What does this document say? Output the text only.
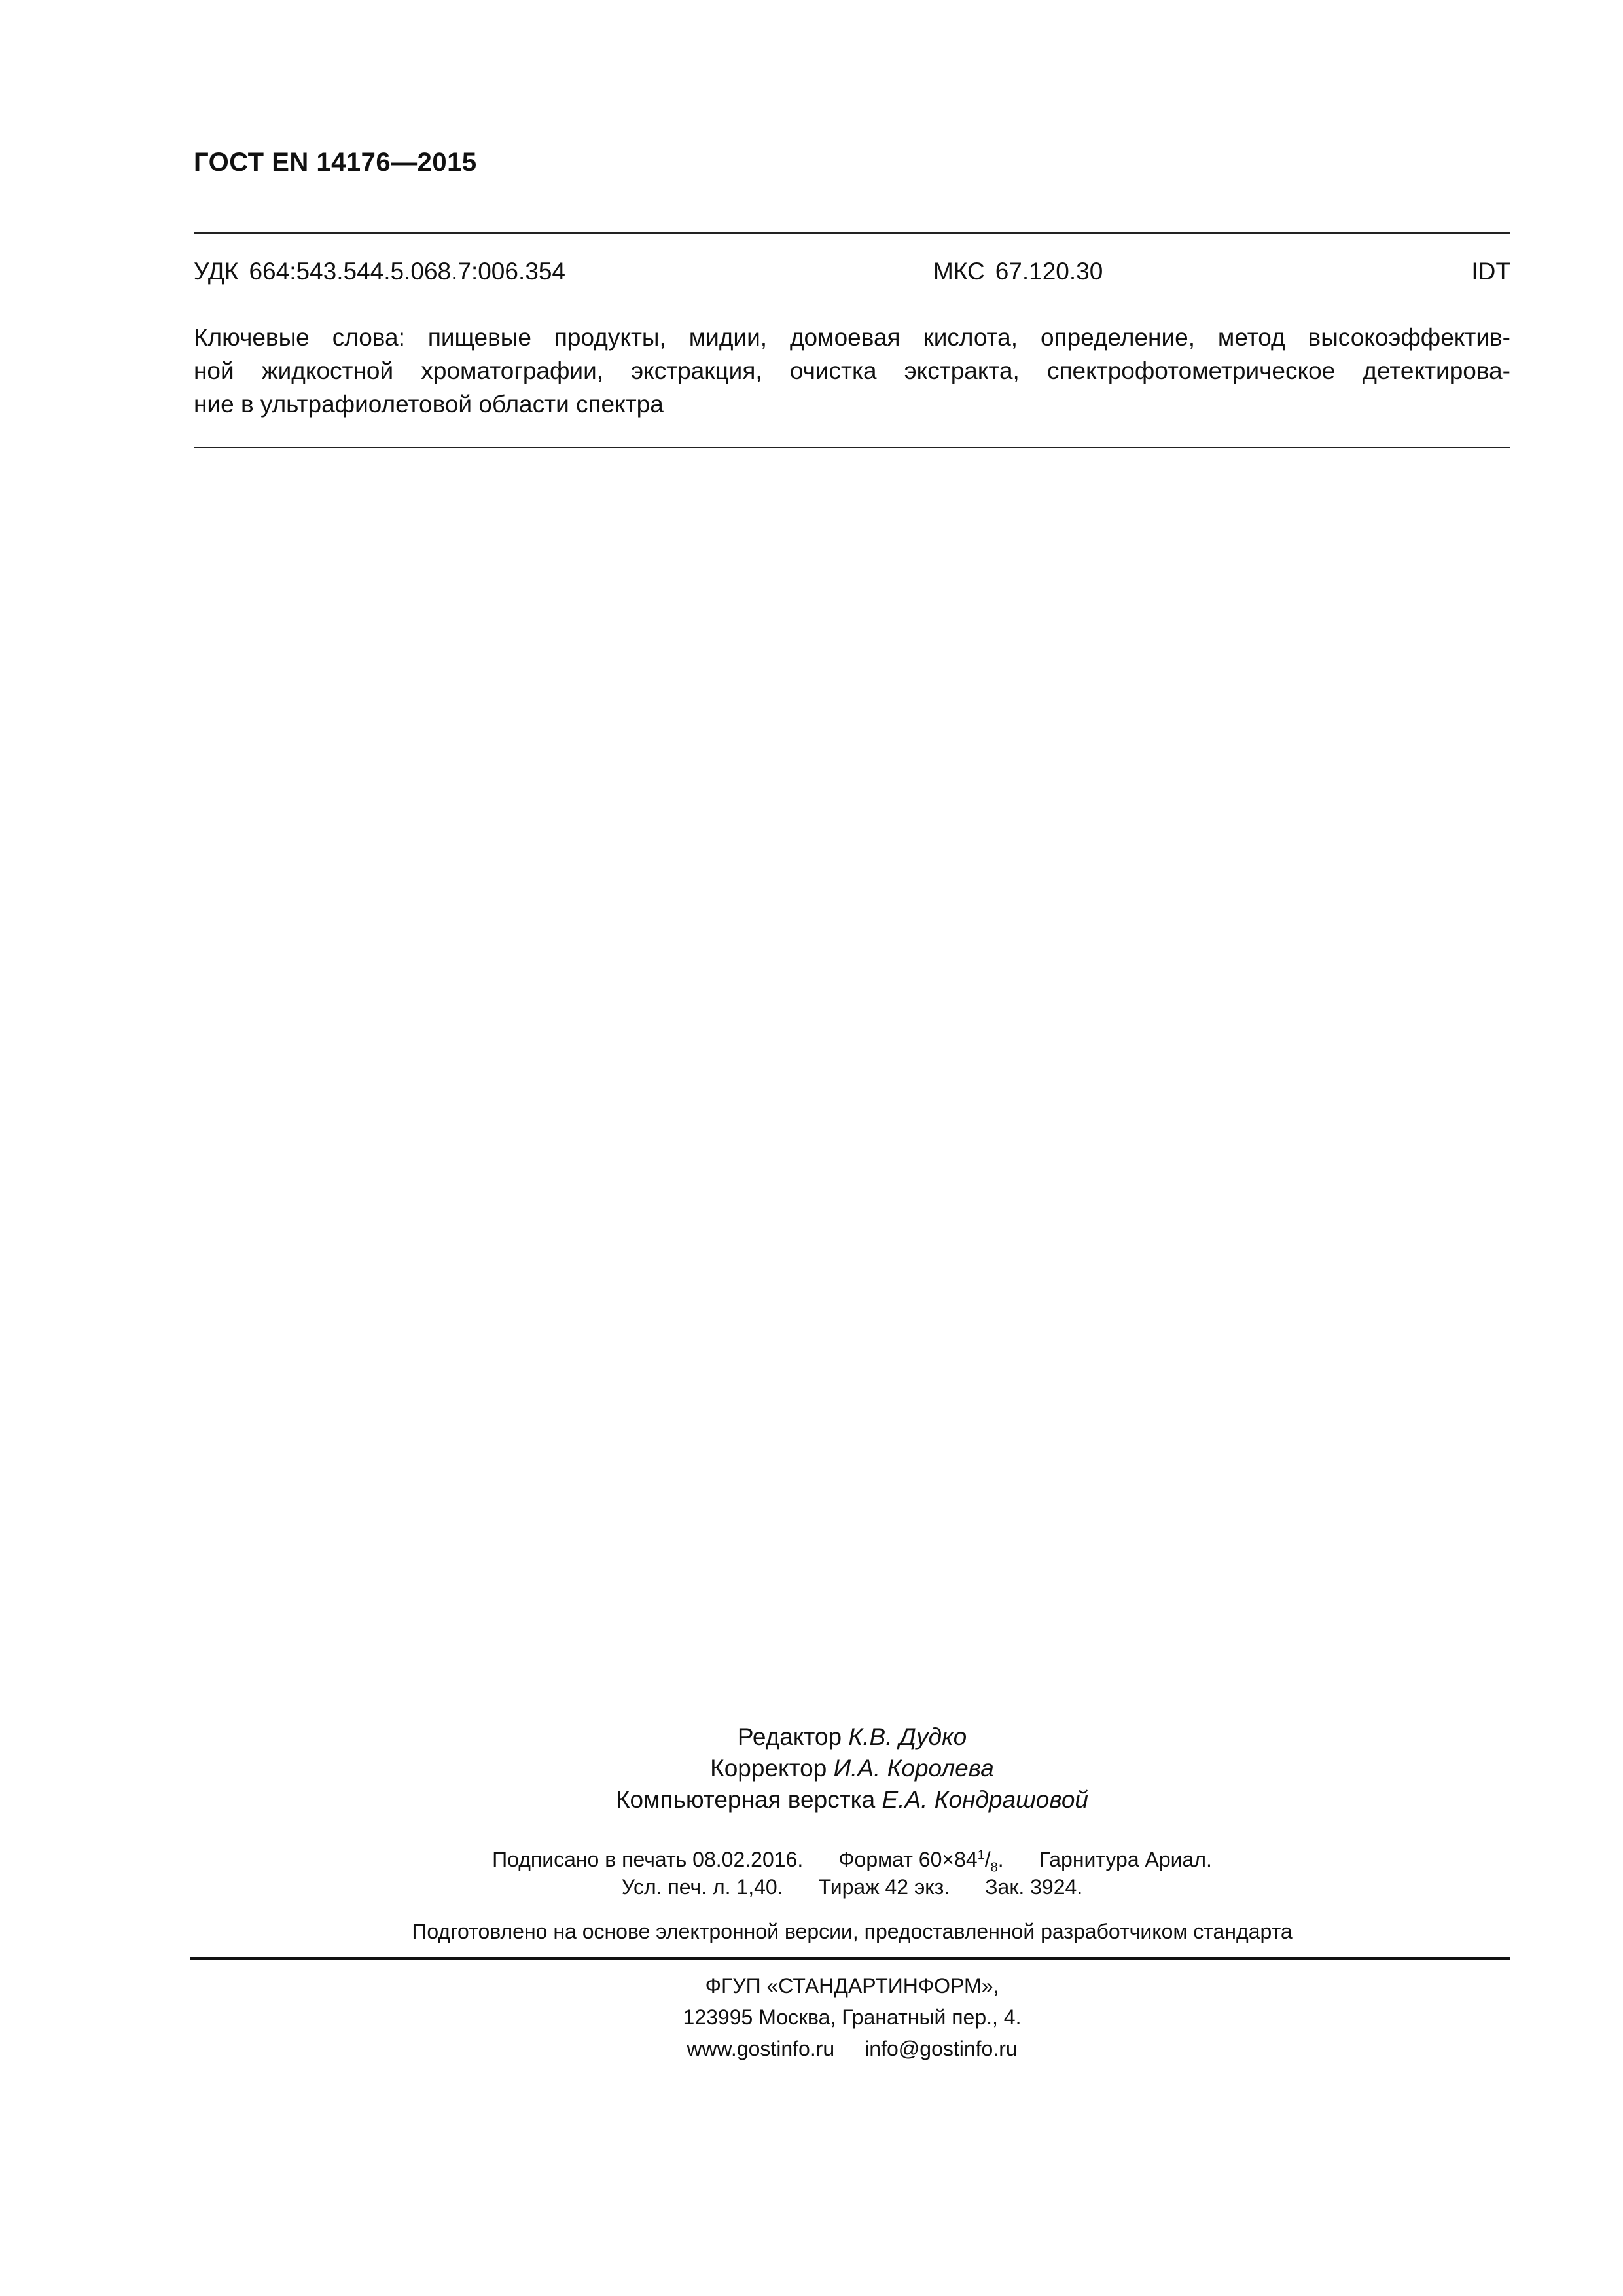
ГОСТ EN 14176—2015
УДК 664:543.544.5.068.7:006.354	МКС 67.120.30	IDT
Ключевые слова: пищевые продукты, мидии, домоевая кислота, определение, метод высокоэффектив-
ной жидкостной хроматографии, экстракция, очистка экстракта, спектрофотометрическое детектирова-
ние в ультрафиолетовой области спектра
Редактор К.В. Дудко
Корректор И.А. Королева
Компьютерная верстка Е.А. Кондрашовой
Подписано в печать 08.02.2016. Формат $60\times 84^1/_8$. Гарнитура Ариал.
Усл. печ. л. 1,40. Тираж 42 экз. Зак. 3924.
Подготовлено на основе электронной версии, предоставленной разработчиком стандарта
ФГУП «СТАНДАРТИНФОРМ»,
123995 Москва, Гранатный пер., 4.
www.gostinfo.ru info@gostinfo.ru
